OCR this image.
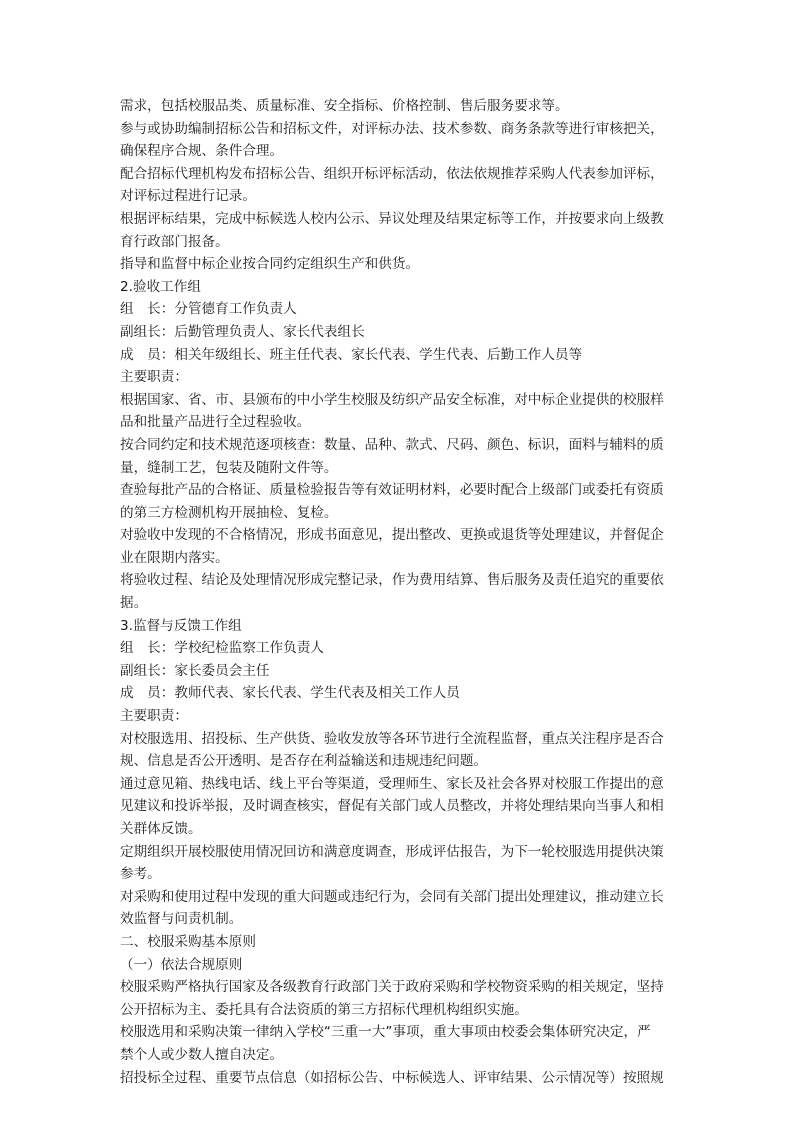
需求，包括校服品类、质量标准、安全指标、价格控制、售后服务要求等。

参与或协助编制招标公告和招标文件，对评标办法、技术参数、商务条款等进行审核把关，

确保程序合规、条件合理。

配合招标代理机构发布招标公告、组织开标评标活动，依法依规推荐采购人代表参加评标，

对评标过程进行记录。

根据评标结果，完成中标候选人校内公示、异议处理及结果定标等工作，并按要求向上级教

育行政部门报备。

指导和监督中标企业按合同约定组织生产和供货。

2.验收工作组

组　长：分管德育工作负责人

副组长：后勤管理负责人、家长代表组长

成　员：相关年级组长、班主任代表、家长代表、学生代表、后勤工作人员等

主要职责：

根据国家、省、市、县颁布的中小学生校服及纺织产品安全标准，对中标企业提供的校服样

品和批量产品进行全过程验收。

按合同约定和技术规范逐项核查：数量、品种、款式、尺码、颜色、标识，面料与辅料的质

量，缝制工艺，包装及随附文件等。

查验每批产品的合格证、质量检验报告等有效证明材料，必要时配合上级部门或委托有资质

的第三方检测机构开展抽检、复检。

对验收中发现的不合格情况，形成书面意见，提出整改、更换或退货等处理建议，并督促企

业在限期内落实。

将验收过程、结论及处理情况形成完整记录，作为费用结算、售后服务及责任追究的重要依

据。

3.监督与反馈工作组

组　长：学校纪检监察工作负责人

副组长：家长委员会主任

成　员：教师代表、家长代表、学生代表及相关工作人员

主要职责：

对校服选用、招投标、生产供货、验收发放等各环节进行全流程监督，重点关注程序是否合

规、信息是否公开透明、是否存在利益输送和违规违纪问题。

通过意见箱、热线电话、线上平台等渠道，受理师生、家长及社会各界对校服工作提出的意

见建议和投诉举报，及时调查核实，督促有关部门或人员整改，并将处理结果向当事人和相

关群体反馈。

定期组织开展校服使用情况回访和满意度调查，形成评估报告，为下一轮校服选用提供决策

参考。

对采购和使用过程中发现的重大问题或违纪行为，会同有关部门提出处理建议，推动建立长

效监督与问责机制。

二、校服采购基本原则

（一）依法合规原则

校服采购严格执行国家及各级教育行政部门关于政府采购和学校物资采购的相关规定，坚持

公开招标为主、委托具有合法资质的第三方招标代理机构组织实施。

校服选用和采购决策一律纳入学校“三重一大”事项，重大事项由校委会集体研究决定，严

禁个人或少数人擅自决定。

招投标全过程、重要节点信息（如招标公告、中标候选人、评审结果、公示情况等）按照规
